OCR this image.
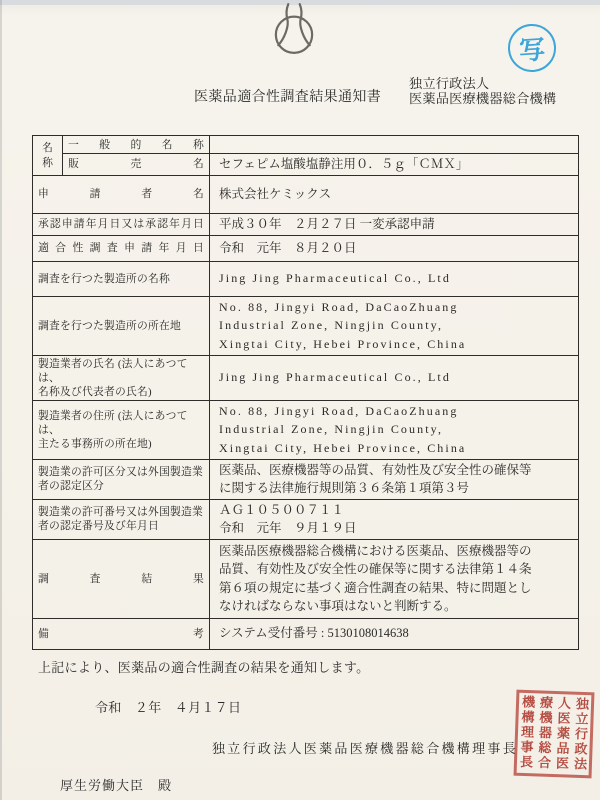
写
医薬品適合性調査結果通知書
独立行政法人
医薬品医療機器総合機構
名
称	一般的名称	
	販売名	セフェピム塩酸塩静注用０．５ｇ「ＣＭＸ」
申請者名		株式会社ケミックス
承認申請年月日又は承認年月日		平成３０年　２月２７日 一変承認申請
適合性調査申請年月日		令和　元年　８月２０日
調査を行つた製造所の名称		Jing Jing Pharmaceutical Co., Ltd
調査を行つた製造所の所在地		No. 88, Jingyi Road, DaCaoZhuang
Industrial Zone, Ningjin County,
Xingtai City, Hebei Province, China
製造業者の氏名 (法人にあつては、
名称及び代表者の氏名)		Jing Jing Pharmaceutical Co., Ltd
製造業者の住所 (法人にあつては、
主たる事務所の所在地)		No. 88, Jingyi Road, DaCaoZhuang
Industrial Zone, Ningjin County,
Xingtai City, Hebei Province, China
製造業の許可区分又は外国製造業
者の認定区分		医薬品、医療機器等の品質、有効性及び安全性の確保等
に関する法律施行規則第３６条第１項第３号
製造業の許可番号又は外国製造業
者の認定番号及び年月日		ＡＧ１０５００７１１
令和　元年　９月１９日
調査結果		医薬品医療機器総合機構における医薬品、医療機器等の
品質、有効性及び安全性の確保等に関する法律第１４条
第６項の規定に基づく適合性調査の結果、特に問題とし
なければならない事項はないと判断する。
備考		システム受付番号 : 5130108014638
上記により、医薬品の適合性調査の結果を通知します。
令和　２年　４月１７日
独立行政法人医薬品医療機器総合機構理事長
厚生労働大臣　殿
独立行政法
人医薬品医
療機器総合
機構理事長
